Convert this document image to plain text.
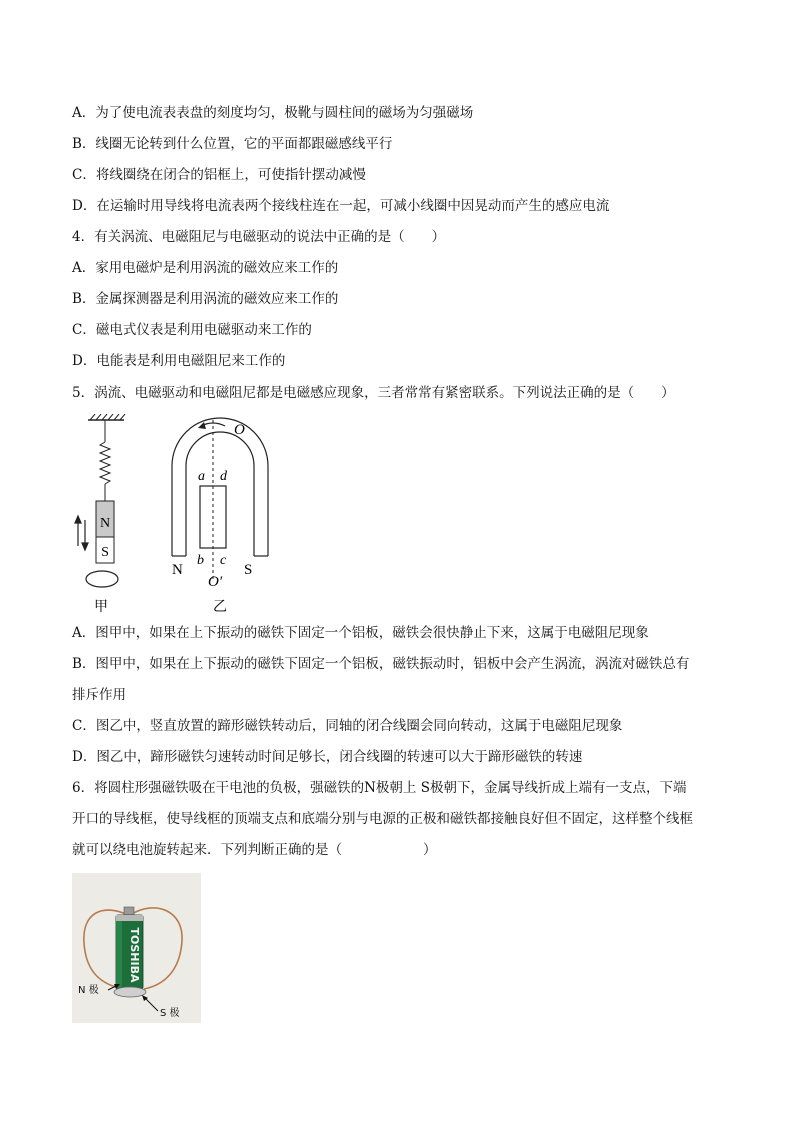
A．为了使电流表表盘的刻度均匀，极靴与圆柱间的磁场为匀强磁场
B．线圈无论转到什么位置，它的平面都跟磁感线平行
C．将线圈绕在闭合的铝框上，可使指针摆动减慢
D．在运输时用导线将电流表两个接线柱连在一起，可减小线圈中因晃动而产生的感应电流
4．有关涡流、电磁阻尼与电磁驱动的说法中正确的是（　　）
A．家用电磁炉是利用涡流的磁效应来工作的
B．金属探测器是利用涡流的磁效应来工作的
C．磁电式仪表是利用电磁驱动来工作的
D．电能表是利用电磁阻尼来工作的
5．涡流、电磁驱动和电磁阻尼都是电磁感应现象，三者常常有紧密联系。下列说法正确的是（　　）
N
S
甲
O
a d
b c
N	S
O′
乙
A．图甲中，如果在上下振动的磁铁下固定一个铝板，磁铁会很快静止下来，这属于电磁阻尼现象
B．图甲中，如果在上下振动的磁铁下固定一个铝板，磁铁振动时，铝板中会产生涡流，涡流对磁铁总有
排斥作用
C．图乙中，竖直放置的蹄形磁铁转动后，同轴的闭合线圈会同向转动，这属于电磁阻尼现象
D．图乙中，蹄形磁铁匀速转动时间足够长，闭合线圈的转速可以大于蹄形磁铁的转速
6．将圆柱形强磁铁吸在干电池的负极，强磁铁的N极朝上 S极朝下，金属导线折成上端有一支点，下端
开口的导线框，使导线框的顶端支点和底端分别与电源的正极和磁铁都接触良好但不固定，这样整个线框
就可以绕电池旋转起来．下列判断正确的是（　　　　　　）
TOSHIBA
N 极
S 极
